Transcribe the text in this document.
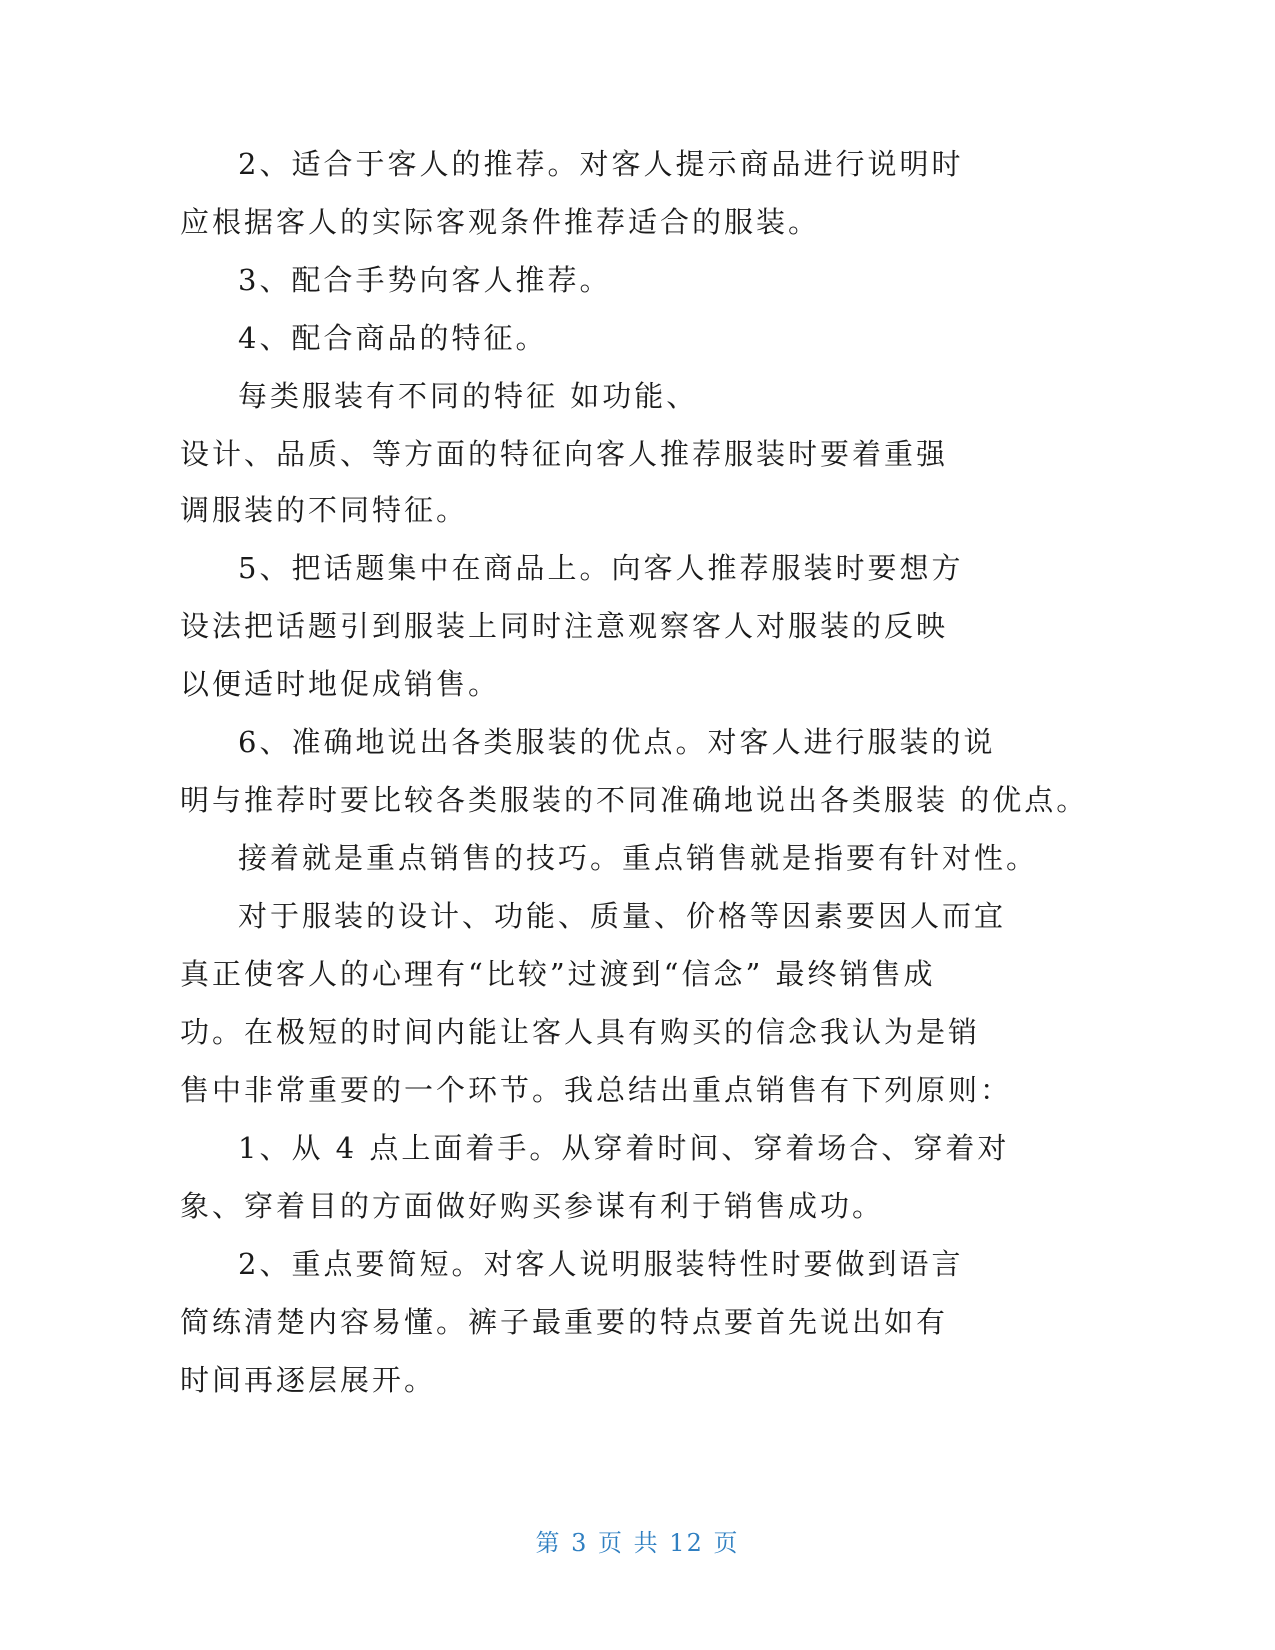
2、适合于客人的推荐。对客人提示商品进行说明时
应根据客人的实际客观条件推荐适合的服装。
3、配合手势向客人推荐。
4、配合商品的特征。
每类服装有不同的特征 如功能、
设计、品质、等方面的特征向客人推荐服装时要着重强
调服装的不同特征。
5、把话题集中在商品上。向客人推荐服装时要想方
设法把话题引到服装上同时注意观察客人对服装的反映
以便适时地促成销售。
6、准确地说出各类服装的优点。对客人进行服装的说
明与推荐时要比较各类服装的不同准确地说出各类服装 的优点。
接着就是重点销售的技巧。重点销售就是指要有针对性。
对于服装的设计、功能、质量、价格等因素要因人而宜
真正使客人的心理有“比较”过渡到“信念” 最终销售成
功。在极短的时间内能让客人具有购买的信念我认为是销
售中非常重要的一个环节。我总结出重点销售有下列原则：
1、从 4 点上面着手。从穿着时间、穿着场合、穿着对
象、穿着目的方面做好购买参谋有利于销售成功。
2、重点要简短。对客人说明服装特性时要做到语言
简练清楚内容易懂。裤子最重要的特点要首先说出如有
时间再逐层展开。
第 3 页 共 12 页
